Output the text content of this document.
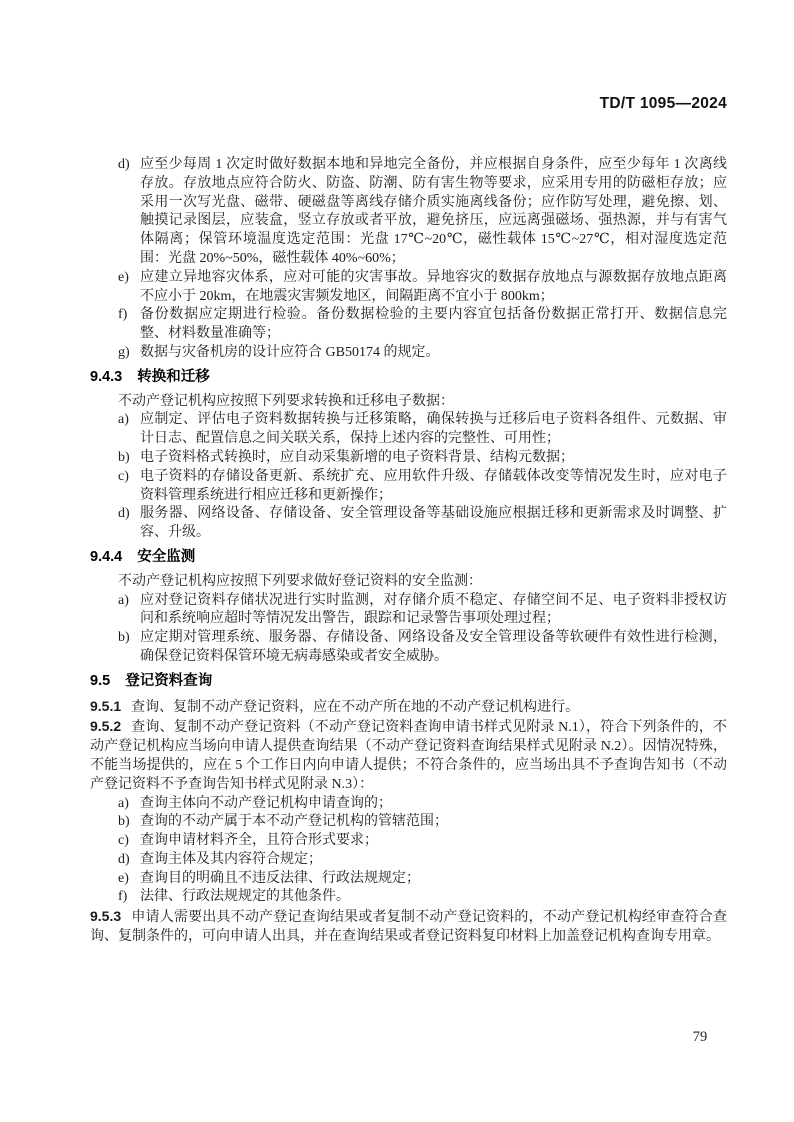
TD/T 1095—2024
d) 应至少每周 1 次定时做好数据本地和异地完全备份，并应根据自身条件，应至少每年 1 次离线存放。存放地点应符合防火、防盗、防潮、防有害生物等要求，应采用专用的防磁柜存放；应采用一次写光盘、磁带、硬磁盘等离线存储介质实施离线备份；应作防写处理，避免擦、划、触摸记录图层，应装盒，竖立存放或者平放，避免挤压，应远离强磁场、强热源，并与有害气体隔离；保管环境温度选定范围：光盘 17℃~20℃，磁性载体 15℃~27℃，相对湿度选定范围：光盘 20%~50%，磁性载体 40%~60%；
e) 应建立异地容灾体系，应对可能的灾害事故。异地容灾的数据存放地点与源数据存放地点距离不应小于 20km，在地震灾害频发地区，间隔距离不宜小于 800km；
f) 备份数据应定期进行检验。备份数据检验的主要内容宜包括备份数据正常打开、数据信息完整、材料数量准确等；
g) 数据与灾备机房的设计应符合 GB50174 的规定。
9.4.3 转换和迁移

不动产登记机构应按照下列要求转换和迁移电子数据：

a) 应制定、评估电子资料数据转换与迁移策略，确保转换与迁移后电子资料各组件、元数据、审计日志、配置信息之间关联关系，保持上述内容的完整性、可用性；
b) 电子资料格式转换时，应自动采集新增的电子资料背景、结构元数据；
c) 电子资料的存储设备更新、系统扩充、应用软件升级、存储载体改变等情况发生时，应对电子资料管理系统进行相应迁移和更新操作；
d) 服务器、网络设备、存储设备、安全管理设备等基础设施应根据迁移和更新需求及时调整、扩容、升级。
9.4.4 安全监测

不动产登记机构应按照下列要求做好登记资料的安全监测：

a) 应对登记资料存储状况进行实时监测，对存储介质不稳定、存储空间不足、电子资料非授权访问和系统响应超时等情况发出警告，跟踪和记录警告事项处理过程；
b) 应定期对管理系统、服务器、存储设备、网络设备及安全管理设备等软硬件有效性进行检测，确保登记资料保管环境无病毒感染或者安全威胁。
9.5 登记资料查询

9.5.1 查询、复制不动产登记资料，应在不动产所在地的不动产登记机构进行。

9.5.2 查询、复制不动产登记资料（不动产登记资料查询申请书样式见附录 N.1），符合下列条件的，不动产登记机构应当场向申请人提供查询结果（不动产登记资料查询结果样式见附录 N.2）。因情况特殊，不能当场提供的，应在 5 个工作日内向申请人提供；不符合条件的，应当场出具不予查询告知书（不动产登记资料不予查询告知书样式见附录 N.3）：

a) 查询主体向不动产登记机构申请查询的；
b) 查询的不动产属于本不动产登记机构的管辖范围；
c) 查询申请材料齐全，且符合形式要求；
d) 查询主体及其内容符合规定；
e) 查询目的明确且不违反法律、行政法规规定；
f) 法律、行政法规规定的其他条件。

9.5.3 申请人需要出具不动产登记查询结果或者复制不动产登记资料的，不动产登记机构经审查符合查询、复制条件的，可向申请人出具，并在查询结果或者登记资料复印材料上加盖登记机构查询专用章。

79
